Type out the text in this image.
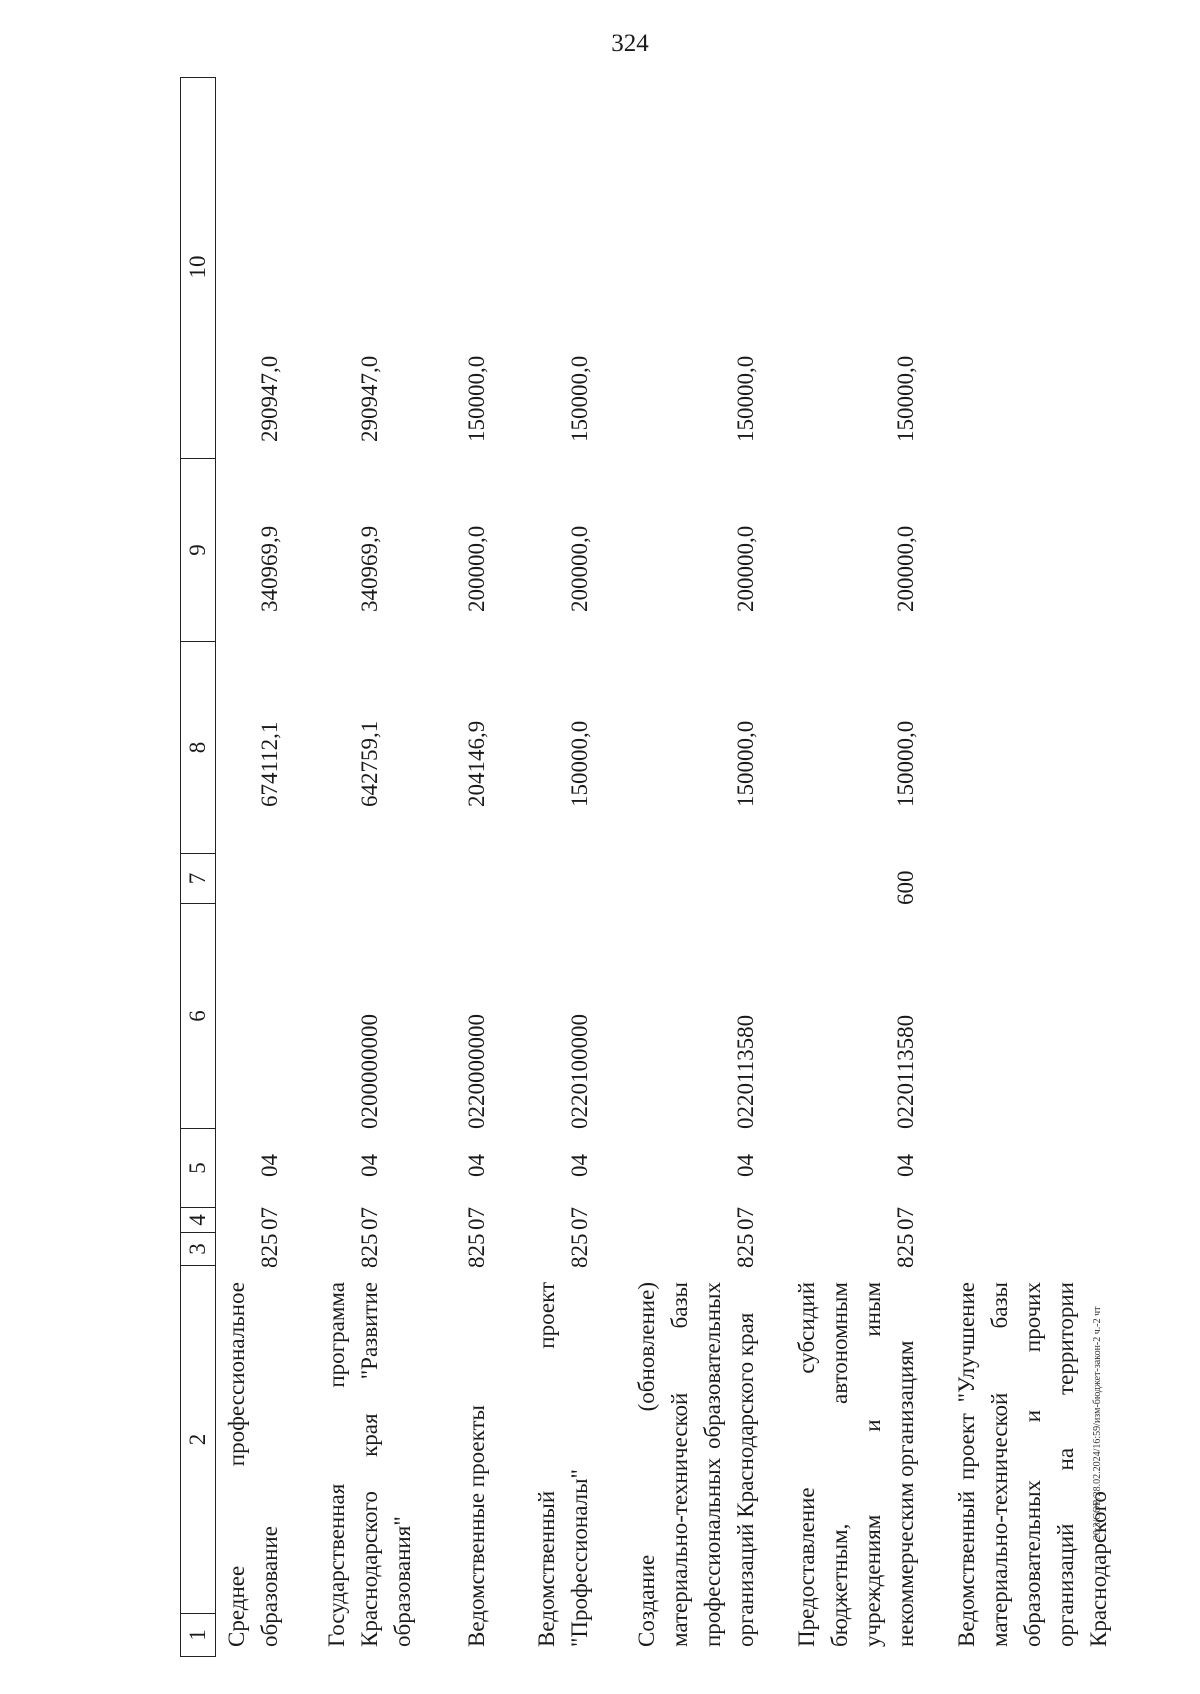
324
1
2
3
4
5
6
7
8
9
10
Среднее профессиональное образование
825
07
04
674112,1
340969,9
290947,0
Государственная программа Краснодарского края "Развитие образования"
825
07
04
0200000000
642759,1
340969,9
290947,0
Ведомственные проекты
825
07
04
0220000000
204146,9
200000,0
150000,0
Ведомственный проект "Профессионалы"
825
07
04
0220100000
150000,0
200000,0
150000,0
Создание (обновление) материально-технической базы профессиональных образовательных организаций Краснодарского края
825
07
04
0220113580
150000,0
200000,0
150000,0
Предоставление субсидий бюджетным, автономным учреждениям и иным некоммерческим организациям
825
07
04
0220113580
600
150000,0
200000,0
150000,0
Ведомственный проект "Улучшение материально-технической базы образовательных и прочих организаций на территории Краснодарского
20.3/СОВ/28.02.2024/16:59/изм-бюджет-закон-2 ч.-2 чт
